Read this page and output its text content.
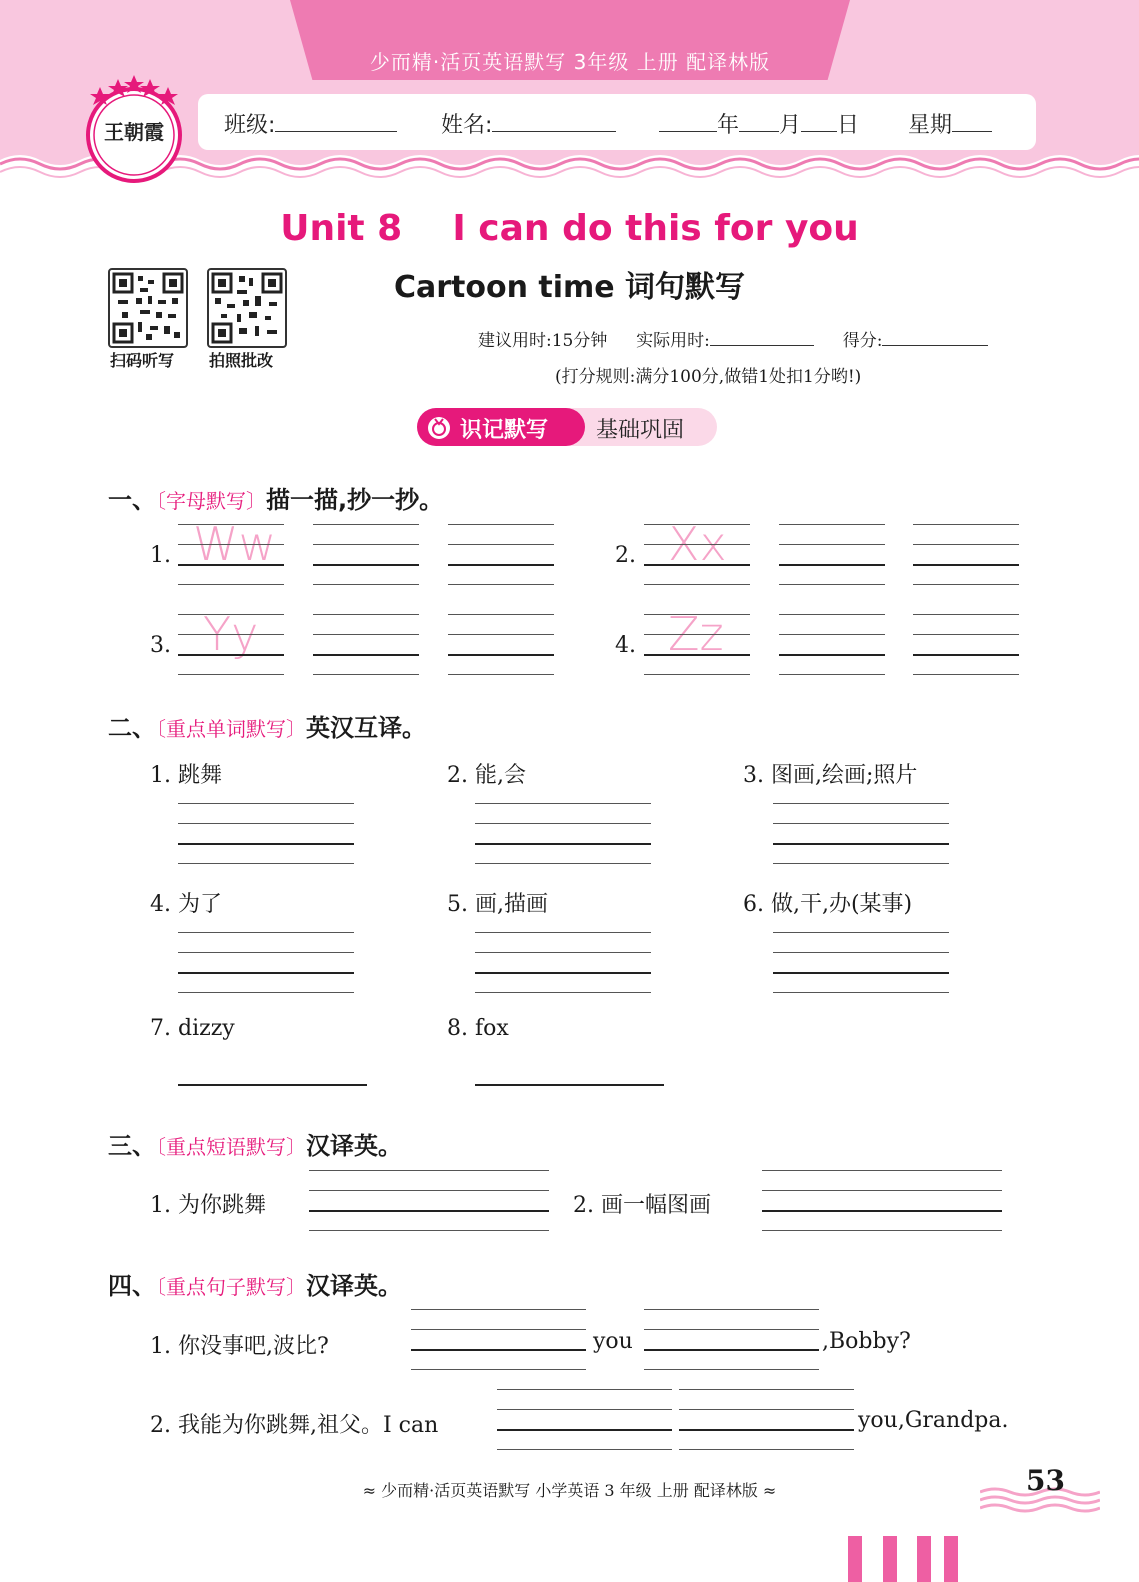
少而精·活页英语默写 3年级 上册 配译林版
王朝霞	班级:	姓名:	年 月 日 星期
Unit 8    I can do this for you
Cartoon time 词句默写
扫码听写 拍照批改
建议用时:15分钟 实际用时:	得分:
(打分规则:满分100分,做错1处扣1分哟!)
识记默写 基础巩固
一、〔字母默写〕描一描,抄一抄。
1. Ww	2. Xx
3. Yy	4. Zz
二、〔重点单词默写〕英汉互译。
1. 跳舞	2. 能,会	3. 图画,绘画;照片
4. 为了	5. 画,描画	6. 做,干,办(某事)
7. dizzy	8. fox
三、〔重点短语默写〕汉译英。
1. 为你跳舞	2. 画一幅图画
四、〔重点句子默写〕汉译英。
1. 你没事吧,波比?	you	,Bobby?
2. 我能为你跳舞,祖父。I can	you,Grandpa.
≈ 少而精·活页英语默写 小学英语 3 年级 上册 配译林版 ≈	53
